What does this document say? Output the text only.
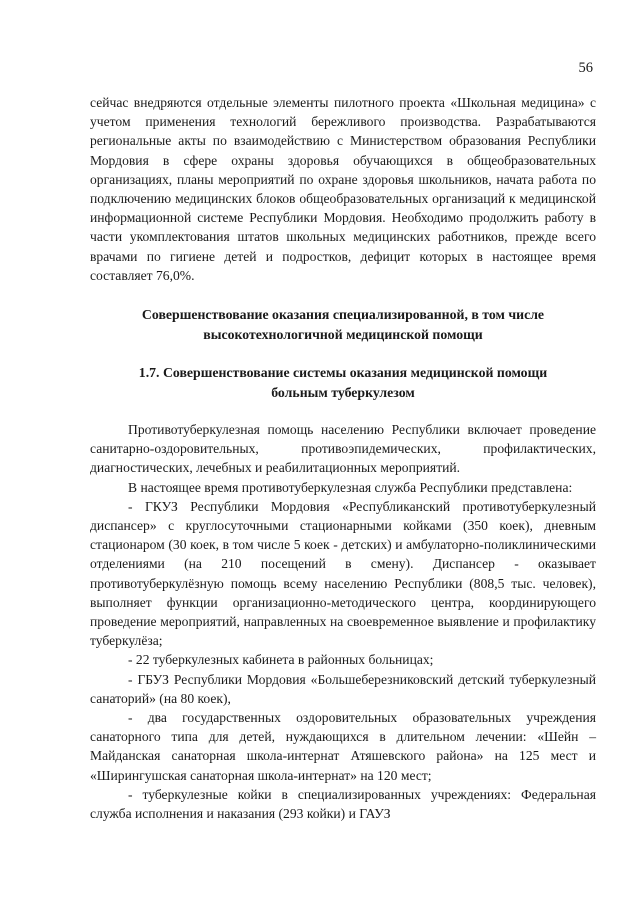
56

сейчас внедряются отдельные элементы пилотного проекта «Школьная медицина» с учетом применения технологий бережливого производства. Разрабатываются региональные акты по взаимодействию с Министерством образования Республики Мордовия в сфере охраны здоровья обучающихся в общеобразовательных организациях, планы мероприятий по охране здоровья школьников, начата работа по подключению медицинских блоков общеобразовательных организаций к медицинской информационной системе Республики Мордовия. Необходимо продолжить работу в части укомплектования штатов школьных медицинских работников, прежде всего врачами по гигиене детей и подростков, дефицит которых в настоящее время составляет 76,0%.

Совершенствование оказания специализированной, в том числе
высокотехнологичной медицинской помощи
1.7. Совершенствование системы оказания медицинской помощи
больным туберкулезом

Противотуберкулезная помощь населению Республики включает проведение санитарно-оздоровительных, противоэпидемических, профилактических, диагностических, лечебных и реабилитационных мероприятий.

В настоящее время противотуберкулезная служба Республики представлена:

- ГКУЗ Республики Мордовия «Республиканский противотуберкулезный диспансер» с круглосуточными стационарными койками (350 коек), дневным стационаром (30 коек, в том числе 5 коек - детских) и амбулаторно-поликлиническими отделениями (на 210 посещений в смену). Диспансер - оказывает противотуберкулёзную помощь всему населению Республики (808,5 тыс. человек), выполняет функции организационно-методического центра, координирующего проведение мероприятий, направленных на своевременное выявление и профилактику туберкулёза;

- 22 туберкулезных кабинета в районных больницах;

- ГБУЗ Республики Мордовия «Большеберезниковский детский туберкулезный санаторий» (на 80 коек),

- два государственных оздоровительных образовательных учреждения санаторного типа для детей, нуждающихся в длительном лечении: «Шейн – Майданская санаторная школа-интернат Атяшевского района» на 125 мест и «Ширингушская санаторная школа-интернат» на 120 мест;

- туберкулезные койки в специализированных учреждениях: Федеральная служба исполнения и наказания (293 койки) и ГАУЗ
